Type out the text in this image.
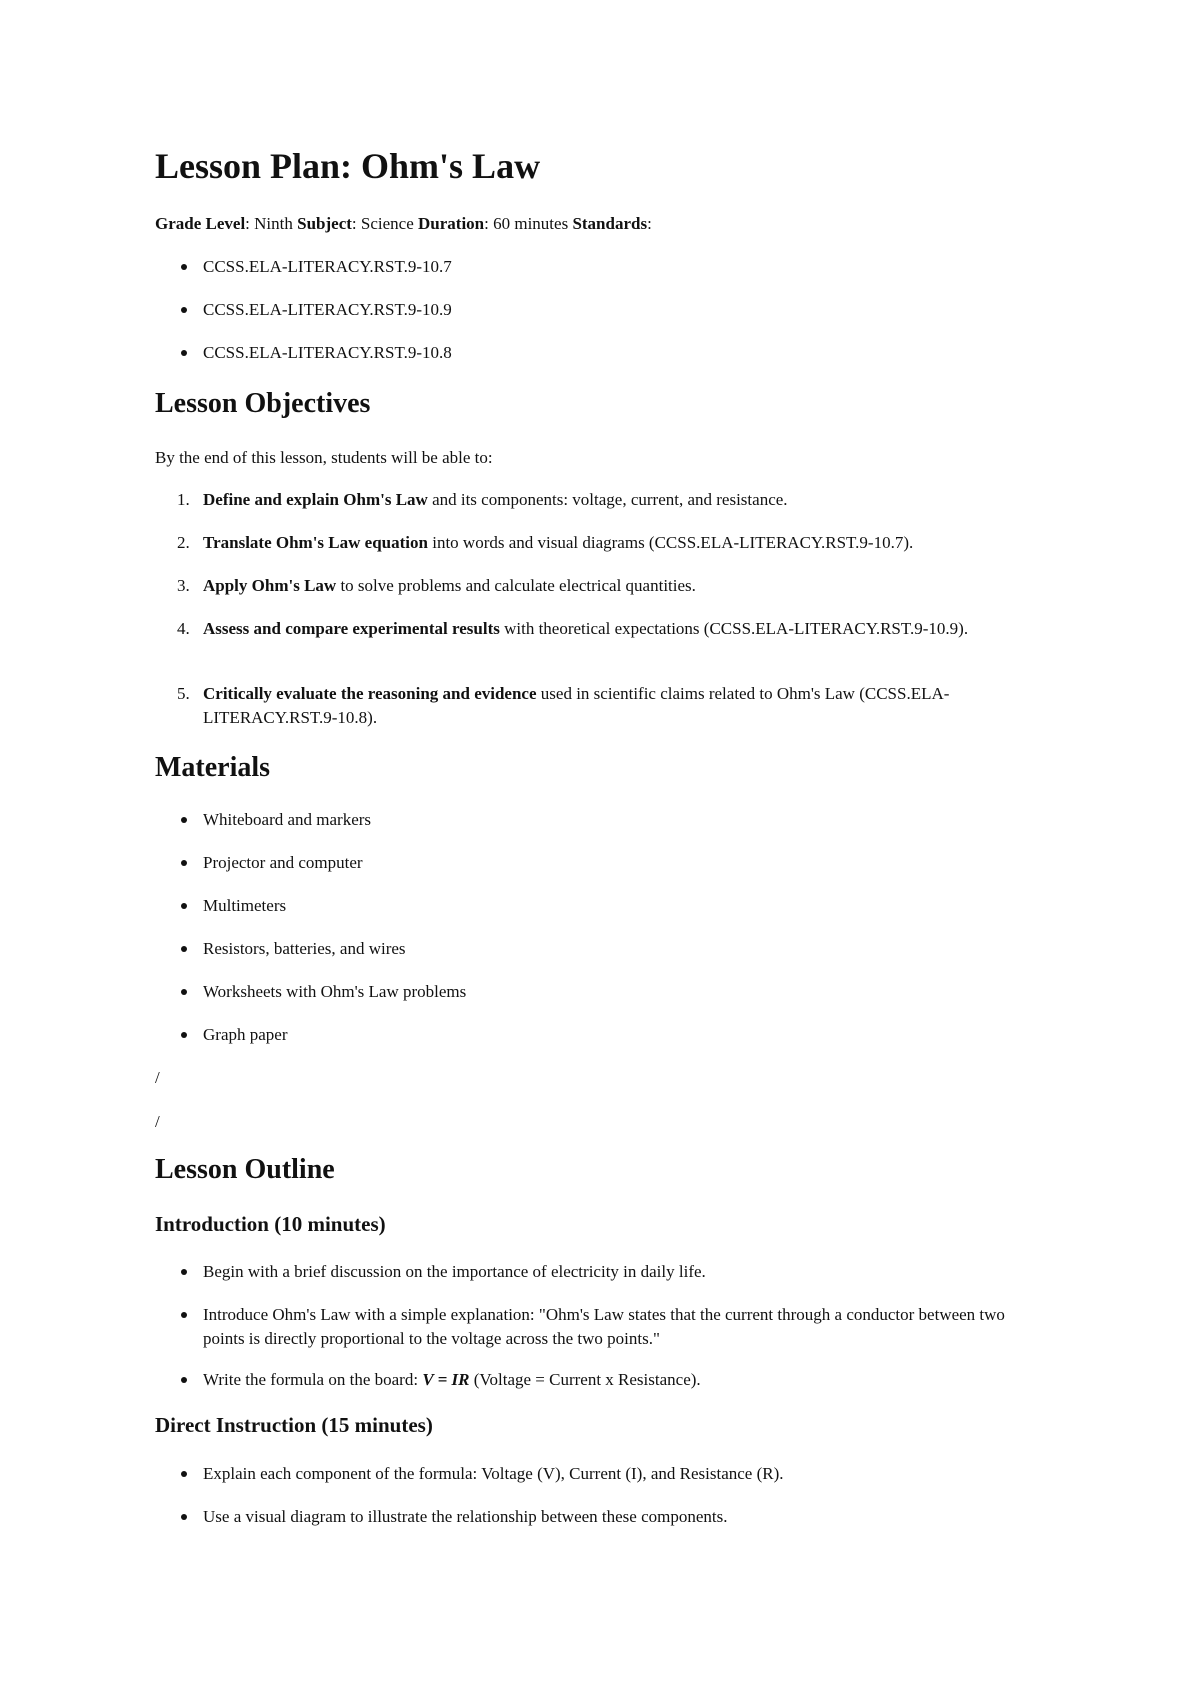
Lesson Plan: Ohm's Law

Grade Level: Ninth Subject: Science Duration: 60 minutes Standards:

CCSS.ELA-LITERACY.RST.9-10.7

CCSS.ELA-LITERACY.RST.9-10.9

CCSS.ELA-LITERACY.RST.9-10.8

Lesson Objectives

By the end of this lesson, students will be able to:

1. Define and explain Ohm's Law and its components: voltage, current, and resistance.

2. Translate Ohm's Law equation into words and visual diagrams (CCSS.ELA-LITERACY.RST.9-10.7).

3. Apply Ohm's Law to solve problems and calculate electrical quantities.

4. Assess and compare experimental results with theoretical expectations (CCSS.ELA-LITERACY.RST.9-10.9).

5. Critically evaluate the reasoning and evidence used in scientific claims related to Ohm's Law (CCSS.ELA-LITERACY.RST.9-10.8).

Materials

Whiteboard and markers

Projector and computer

Multimeters

Resistors, batteries, and wires

Worksheets with Ohm's Law problems

Graph paper

/

/

Lesson Outline
Introduction (10 minutes)

Begin with a brief discussion on the importance of electricity in daily life.

Introduce Ohm's Law with a simple explanation: "Ohm's Law states that the current through a conductor between two points is directly proportional to the voltage across the two points."

Write the formula on the board: V = IR (Voltage = Current x Resistance).

Direct Instruction (15 minutes)

Explain each component of the formula: Voltage (V), Current (I), and Resistance (R).

Use a visual diagram to illustrate the relationship between these components.
